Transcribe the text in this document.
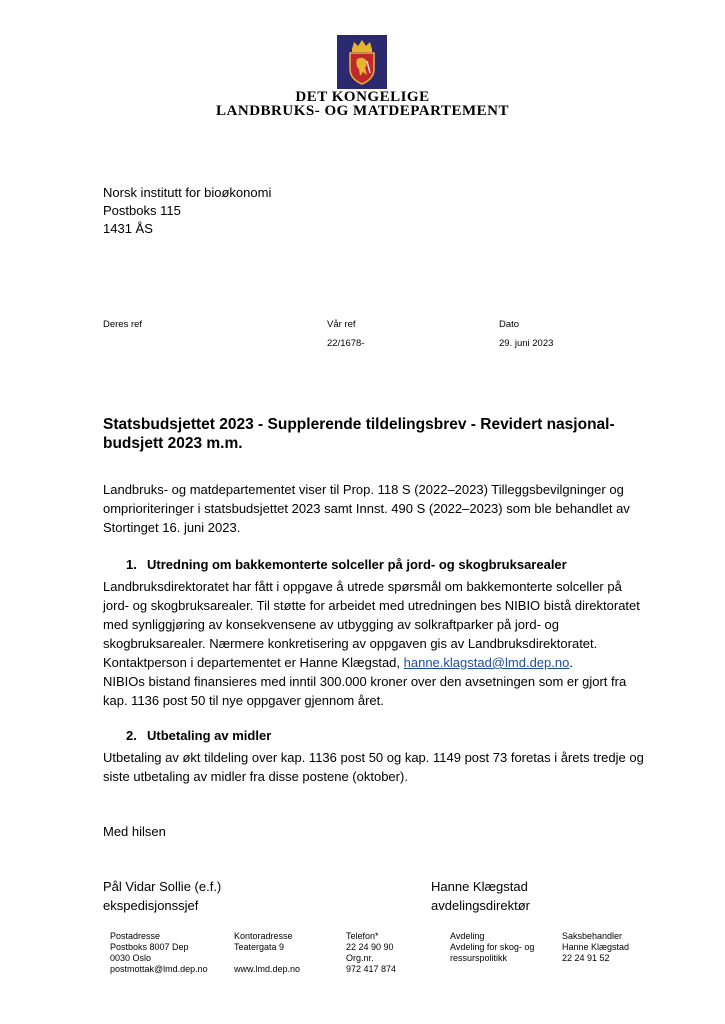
DET KONGELIGE
LANDBRUKS- OG MATDEPARTEMENT
Norsk institutt for bioøkonomi
Postboks 115
1431 ÅS
Deres ref	Vår ref
22/1678-
Dato
29. juni 2023
Statsbudsjettet 2023 - Supplerende tildelingsbrev - Revidert nasjonal-budsjett 2023 m.m.
Landbruks- og matdepartementet viser til Prop. 118 S (2022–2023) Tilleggsbevilgninger og omprioriteringer i statsbudsjettet 2023 samt Innst. 490 S (2022–2023) som ble behandlet av Stortinget 16. juni 2023.
1. Utredning om bakkemonterte solceller på jord- og skogbruksarealer
Landbruksdirektoratet har fått i oppgave å utrede spørsmål om bakkemonterte solceller på jord- og skogbruksarealer. Til støtte for arbeidet med utredningen bes NIBIO bistå direktoratet med synliggjøring av konsekvensene av utbygging av solkraftparker på jord- og skogbruksarealer. Nærmere konkretisering av oppgaven gis av Landbruksdirektoratet. Kontaktperson i departementet er Hanne Klægstad, hanne.klagstad@lmd.dep.no.
NIBIOs bistand finansieres med inntil 300.000 kroner over den avsetningen som er gjort fra kap. 1136 post 50 til nye oppgaver gjennom året.
2. Utbetaling av midler
Utbetaling av økt tildeling over kap. 1136 post 50 og kap. 1149 post 73 foretas i årets tredje og siste utbetaling av midler fra disse postene (oktober).
Med hilsen
Pål Vidar Sollie (e.f.)
ekspedisjonssjef
Hanne Klægstad
avdelingsdirektør
Postadresse
Postboks 8007 Dep
0030 Oslo
postmottak@lmd.dep.no
Kontoradresse
Teatergata 9
www.lmd.dep.no
Telefon*
22 24 90 90
Org.nr.
972 417 874
Avdeling
Avdeling for skog- og
ressurspolitikk
Saksbehandler
Hanne Klægstad
22 24 91 52
